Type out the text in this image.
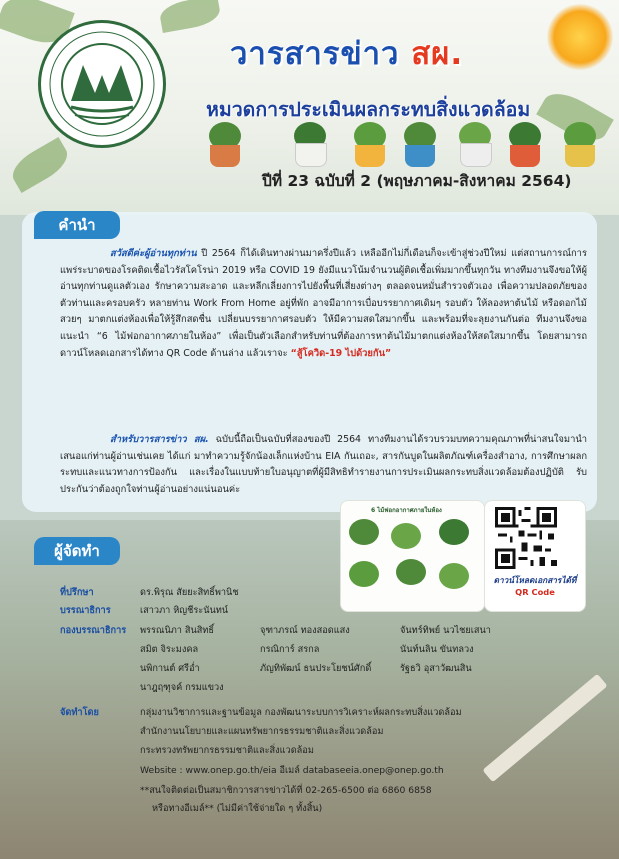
วารสารข่าว สผ.
หมวดการประเมินผลกระทบสิ่งแวดล้อม
ปีที่ 23 ฉบับที่ 2 (พฤษภาคม-สิงหาคม 2564)
คำนำ
สวัสดีค่ะผู้อ่านทุกท่าน ปี 2564 ก็ได้เดินทางผ่านมาครึ่งปีแล้ว เหลืออีกไม่กี่เดือนก็จะเข้าสู่ช่วงปีใหม่ แต่สถานการณ์การแพร่ระบาดของโรคติดเชื้อไวรัสโคโรน่า 2019 หรือ COVID 19 ยังมีแนวโน้มจำนวนผู้ติดเชื้อเพิ่มมากขึ้นทุกวัน ทางทีมงานจึงขอให้ผู้อ่านทุกท่านดูแลตัวเอง รักษาความสะอาด และหลีกเลี่ยงการไปยังพื้นที่เสี่ยงต่างๆ ตลอดจนหมั่นสำรวจตัวเอง เพื่อความปลอดภัยของตัวท่านและครอบครัว หลายท่าน Work From Home อยู่ที่พัก อาจมีอาการเบื่อบรรยากาศเดิมๆ รอบตัว ให้ลองหาต้นไม้ หรือดอกไม้สวยๆ มาตกแต่งห้องเพื่อให้รู้สึกสดชื่น เปลี่ยนบรรยากาศรอบตัว ให้มีความสดใสมากขึ้น และพร้อมที่จะลุยงานกันต่อ ทีมงานจึงขอแนะนำ “6 ไม้ฟอกอากาศภายในห้อง” เพื่อเป็นตัวเลือกสำหรับท่านที่ต้องการหาต้นไม้มาตกแต่งห้องให้สดใสมากขึ้น โดยสามารถดาวน์โหลดเอกสารได้ทาง QR Code ด้านล่าง แล้วเราจะ “สู้โควิด-19 ไปด้วยกัน”
สำหรับวารสารข่าว สผ. ฉบับนี้ถือเป็นฉบับที่สองของปี 2564 ทางทีมงานได้รวบรวมบทความคุณภาพที่น่าสนใจมานำเสนอแก่ท่านผู้อ่านเช่นเคย ได้แก่ มาทำความรู้จักน้องเล็กแห่งบ้าน EIA กันเถอะ, สารกันบูดในผลิตภัณฑ์เครื่องสำอาง, การศึกษาผลกระทบและแนวทางการป้องกัน และเรื่องในแบบท้ายใบอนุญาตที่ผู้มีสิทธิทำรายงานการประเมินผลกระทบสิ่งแวดล้อมต้องปฏิบัติ รับประกันว่าต้องถูกใจท่านผู้อ่านอย่างแน่นอนค่ะ
6 ไม้ฟอกอากาศภายในห้อง
ดาวน์โหลดเอกสารได้ที่
QR Code
ผู้จัดทำ
ที่ปรึกษา	ดร.พิรุณ สัยยะสิทธิ์พานิช
บรรณาธิการ	เสาวภา หิญชีระนันทน์
กองบรรณาธิการ พรรณนิภา สินสิทธิ์	จุฑาภรณ์ ทองสอดแสง	จันทร์ทิพย์ นวไชยเสนา
สมิต จิระมงคล	กรณิการ์ สรกล	นันท์นลิน ขันทลวง
นพิกานต์ ศรีอ่ำ	ภัญทิพัฒน์ ธนประโยชน์ศักดิ์	รัฐธวิ อุสาวัฒนสิน
นาฎฤฑุจค์ กรมแขวง
จัดทำโดย	กลุ่มงานวิชาการและฐานข้อมูล กองพัฒนาระบบการวิเคราะห์ผลกระทบสิ่งแวดล้อม
สำนักงานนโยบายและแผนทรัพยากรธรรมชาติและสิ่งแวดล้อม
กระทรวงทรัพยากรธรรมชาติและสิ่งแวดล้อม
Website : www.onep.go.th/eia อีเมล์ databaseeia.onep@onep.go.th
**สนใจติดต่อเป็นสมาชิกวารสารข่าวได้ที่ 02-265-6500 ต่อ 6860 6858
หรือทางอีเมล์** (ไม่มีค่าใช้จ่ายใด ๆ ทั้งสิ้น)
